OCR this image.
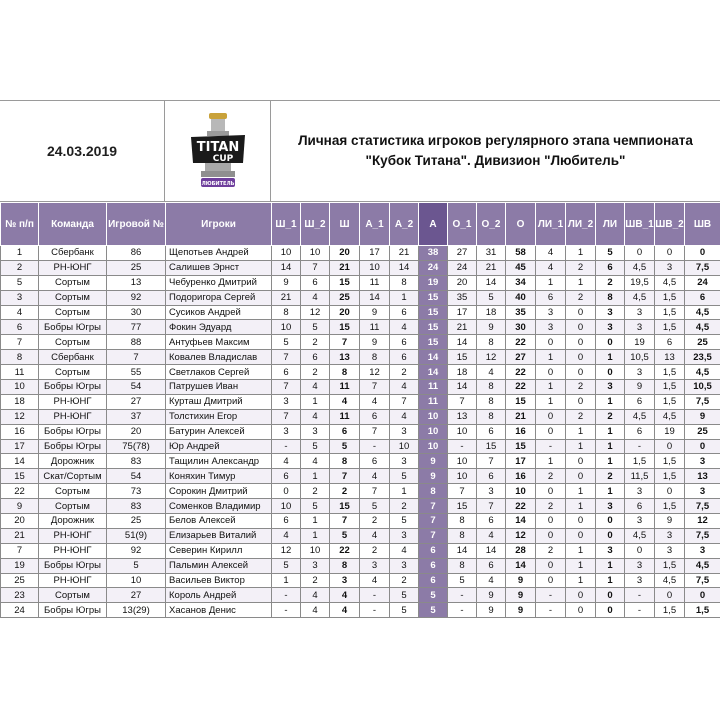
24.03.2019	TITAN
CUP
ЛЮБИТЕЛЬ
Личная статистика игроков регулярного этапа чемпионата
"Кубок Титана". Дивизион "Любитель"
№ п/п	Команда	Игровой №	Игроки	Ш_1	Ш_2	Ш	А_1	А_2	А	О_1	О_2	О	ЛИ_1	ЛИ_2	ЛИ	ШВ_1	ШВ_2	ШВ
1	Сбербанк	86	Щепотьев Андрей	10	10	20	17	21	38	27	31	58	4	1	5	0	0	0
2	РН-ЮНГ	25	Салишев Эрнст	14	7	21	10	14	24	24	21	45	4	2	6	4,5	3	7,5
5	Сортым	13	Чебуренко Дмитрий	9	6	15	11	8	19	20	14	34	1	1	2	19,5	4,5	24
3	Сортым	92	Подоригора Сергей	21	4	25	14	1	15	35	5	40	6	2	8	4,5	1,5	6
4	Сортым	30	Сусиков Андрей	8	12	20	9	6	15	17	18	35	3	0	3	3	1,5	4,5
6	Бобры Югры	77	Фокин Эдуард	10	5	15	11	4	15	21	9	30	3	0	3	3	1,5	4,5
7	Сортым	88	Антуфьев Максим	5	2	7	9	6	15	14	8	22	0	0	0	19	6	25
8	Сбербанк	7	Ковалев Владислав	7	6	13	8	6	14	15	12	27	1	0	1	10,5	13	23,5
11	Сортым	55	Светлаков Сергей	6	2	8	12	2	14	18	4	22	0	0	0	3	1,5	4,5
10	Бобры Югры	54	Патрушев Иван	7	4	11	7	4	11	14	8	22	1	2	3	9	1,5	10,5
18	РН-ЮНГ	27	Курташ Дмитрий	3	1	4	4	7	11	7	8	15	1	0	1	6	1,5	7,5
12	РН-ЮНГ	37	Толстихин Егор	7	4	11	6	4	10	13	8	21	0	2	2	4,5	4,5	9
16	Бобры Югры	20	Батурин Алексей	3	3	6	7	3	10	10	6	16	0	1	1	6	19	25
17	Бобры Югры	75(78)	Юр Андрей	-	5	5	-	10	10	-	15	15	-	1	1	-	0	0
14	Дорожник	83	Тащилин Александр	4	4	8	6	3	9	10	7	17	1	0	1	1,5	1,5	3
15	Скат/Сортым	54	Коняхин Тимур	6	1	7	4	5	9	10	6	16	2	0	2	11,5	1,5	13
22	Сортым	73	Сорокин Дмитрий	0	2	2	7	1	8	7	3	10	0	1	1	3	0	3
9	Сортым	83	Соменков Владимир	10	5	15	5	2	7	15	7	22	2	1	3	6	1,5	7,5
20	Дорожник	25	Белов Алексей	6	1	7	2	5	7	8	6	14	0	0	0	3	9	12
21	РН-ЮНГ	51(9)	Елизарьев Виталий	4	1	5	4	3	7	8	4	12	0	0	0	4,5	3	7,5
7	РН-ЮНГ	92	Северин Кирилл	12	10	22	2	4	6	14	14	28	2	1	3	0	3	3
19	Бобры Югры	5	Пальмин Алексей	5	3	8	3	3	6	8	6	14	0	1	1	3	1,5	4,5
25	РН-ЮНГ	10	Васильев Виктор	1	2	3	4	2	6	5	4	9	0	1	1	3	4,5	7,5
23	Сортым	27	Король Андрей	-	4	4	-	5	5	-	9	9	-	0	0	-	0	0
24	Бобры Югры	13(29)	Хасанов Денис	-	4	4	-	5	5	-	9	9	-	0	0	-	1,5	1,5
